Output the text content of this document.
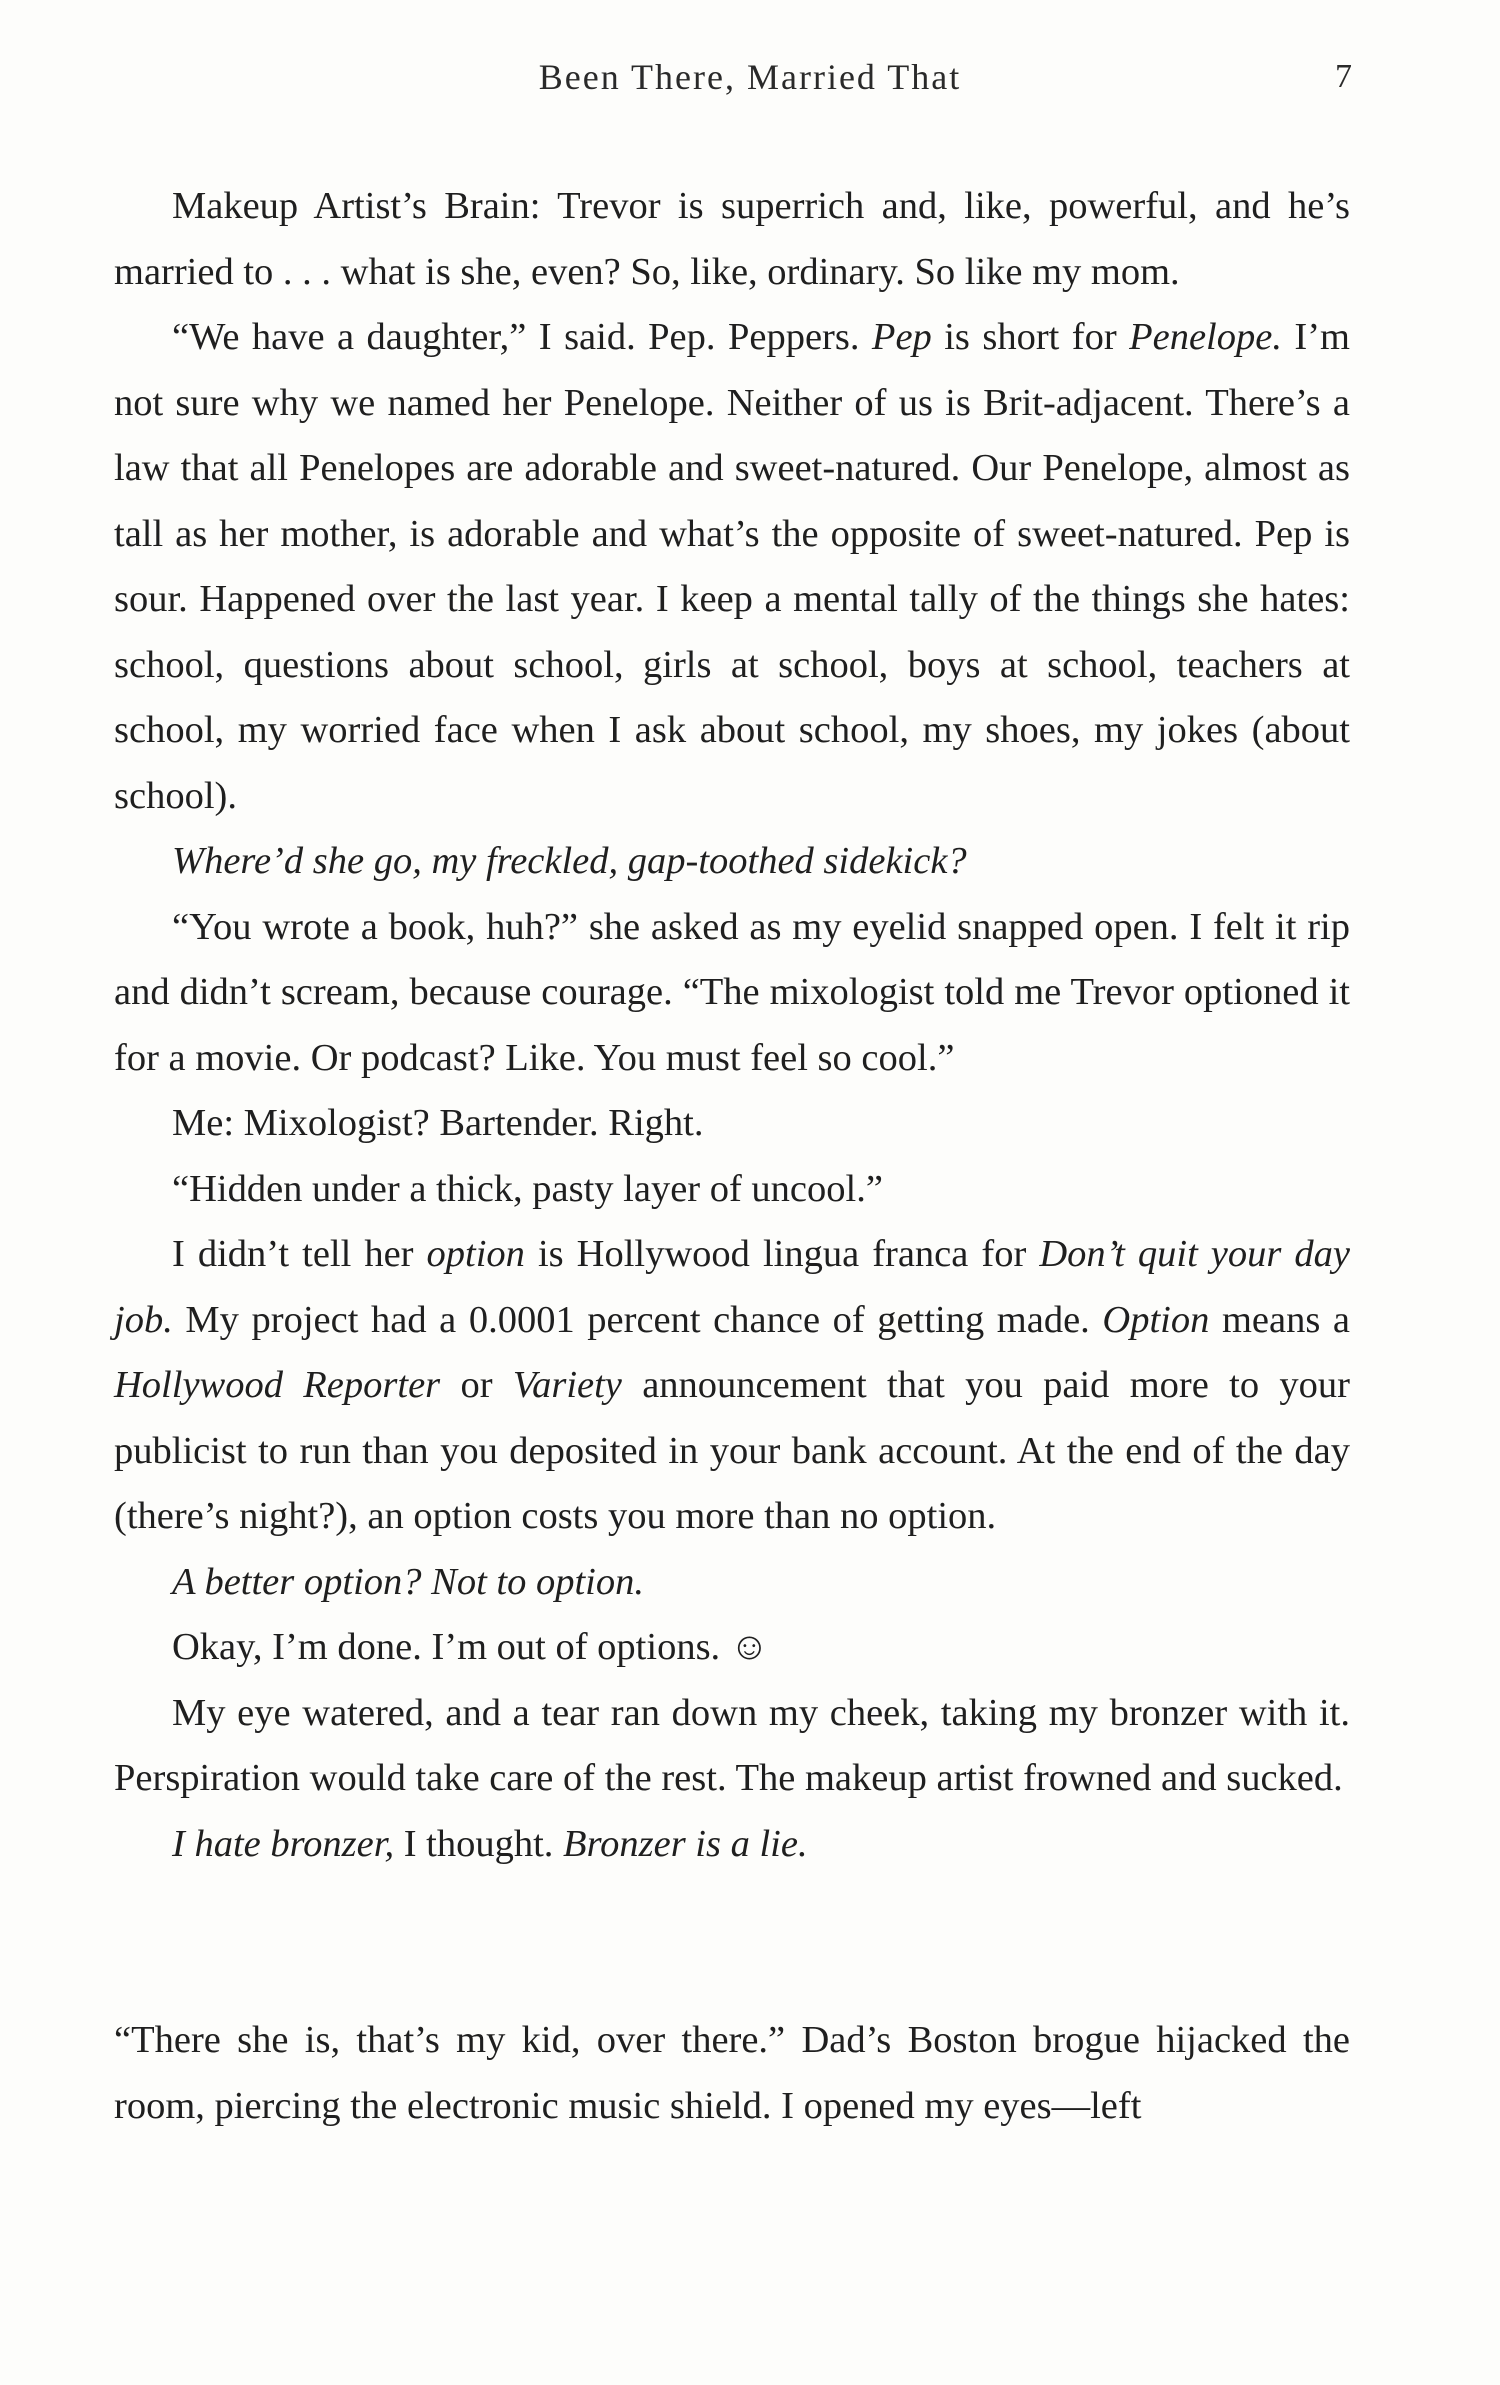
Been There, Married That	7

Makeup Artist’s Brain: Trevor is superrich and, like, powerful, and he’s married to . . . what is she, even? So, like, ordinary. So like my mom.

“We have a daughter,” I said. Pep. Peppers. Pep is short for Penelope. I’m not sure why we named her Penelope. Neither of us is Brit-adjacent. There’s a law that all Penelopes are adorable and sweet-natured. Our Penelope, almost as tall as her mother, is adorable and what’s the opposite of sweet-natured. Pep is sour. Happened over the last year. I keep a mental tally of the things she hates: school, questions about school, girls at school, boys at school, teachers at school, my worried face when I ask about school, my shoes, my jokes (about school).

Where’d she go, my freckled, gap-toothed sidekick?

“You wrote a book, huh?” she asked as my eyelid snapped open. I felt it rip and didn’t scream, because courage. “The mixologist told me Trevor optioned it for a movie. Or podcast? Like. You must feel so cool.”

Me: Mixologist? Bartender. Right.

“Hidden under a thick, pasty layer of uncool.”

I didn’t tell her option is Hollywood lingua franca for Don’t quit your day job. My project had a 0.0001 percent chance of getting made. Option means a Hollywood Reporter or Variety announcement that you paid more to your publicist to run than you deposited in your bank account. At the end of the day (there’s night?), an option costs you more than no option.

A better option? Not to option.

Okay, I’m done. I’m out of options. ☺

My eye watered, and a tear ran down my cheek, taking my bronzer with it. Perspiration would take care of the rest. The makeup artist frowned and sucked.

I hate bronzer, I thought. Bronzer is a lie.

“There she is, that’s my kid, over there.” Dad’s Boston brogue hijacked the room, piercing the electronic music shield. I opened my eyes—left
